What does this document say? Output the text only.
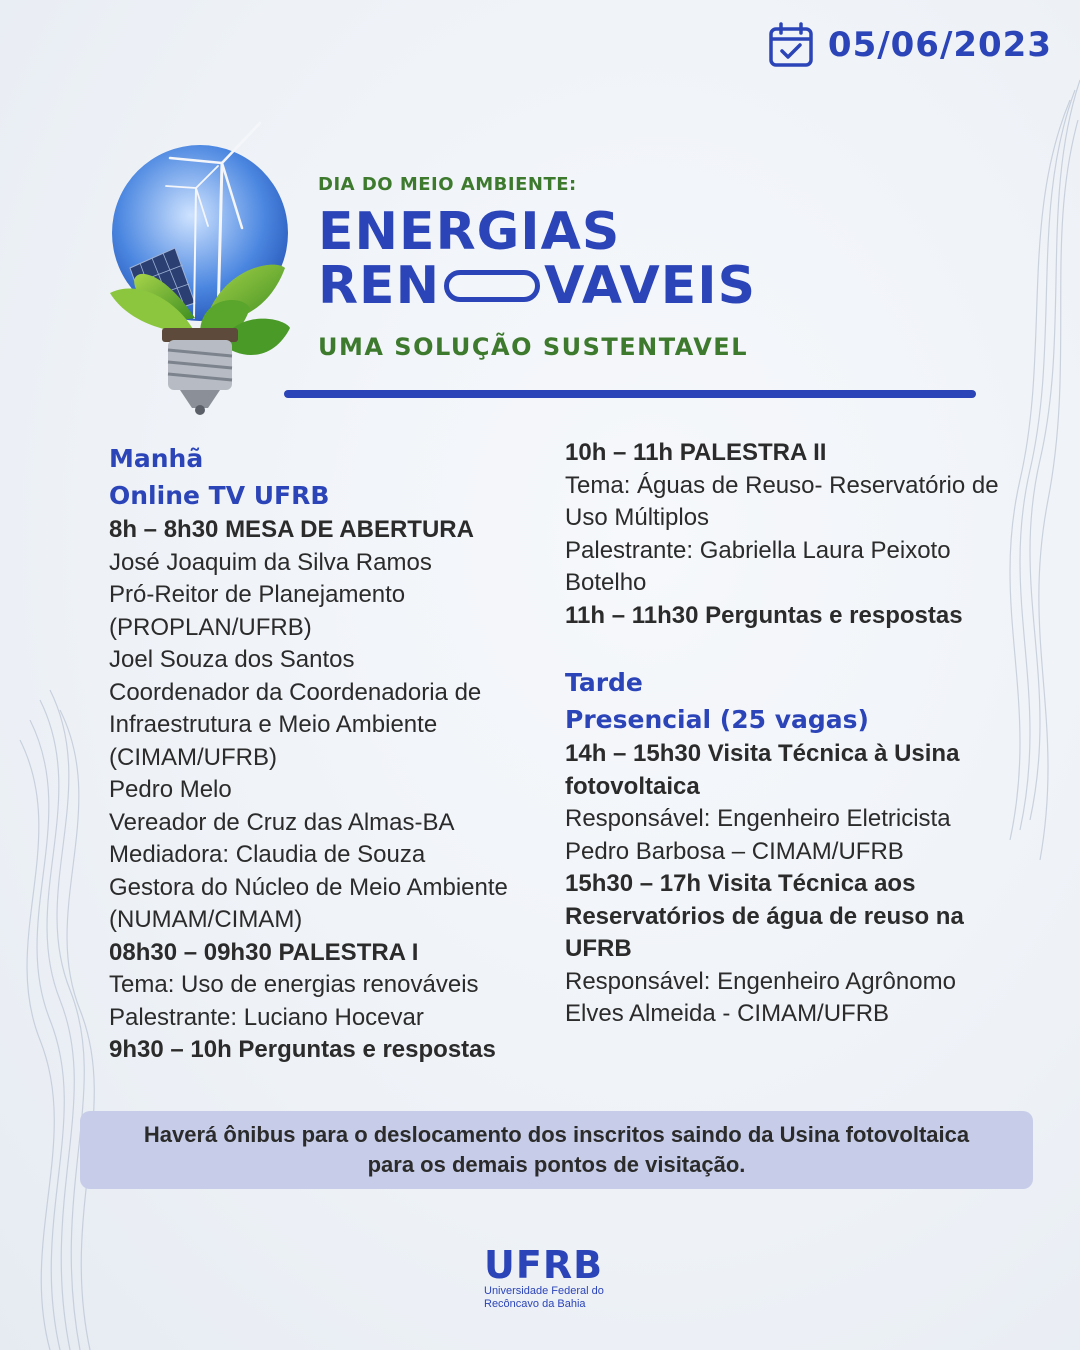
05/06/2023
DIA DO MEIO AMBIENTE:
ENERGIAS
REN VAVEIS
UMA SOLUÇÃO SUSTENTAVEL
Manhã
Online TV UFRB
8h – 8h30 MESA DE ABERTURA
José Joaquim da Silva Ramos
Pró-Reitor de Planejamento
(PROPLAN/UFRB)
Joel Souza dos Santos
Coordenador da Coordenadoria de
Infraestrutura e Meio Ambiente
(CIMAM/UFRB)
Pedro Melo
Vereador de Cruz das Almas-BA
Mediadora: Claudia de Souza
Gestora do Núcleo de Meio Ambiente
(NUMAM/CIMAM)
08h30 – 09h30 PALESTRA I
Tema: Uso de energias renováveis
Palestrante: Luciano Hocevar
9h30 – 10h Perguntas e respostas
10h – 11h PALESTRA II
Tema: Águas de Reuso- Reservatório de
Uso Múltiplos
Palestrante: Gabriella Laura Peixoto
Botelho
11h – 11h30 Perguntas e respostas
Tarde
Presencial (25 vagas)
14h – 15h30 Visita Técnica à Usina
fotovoltaica
Responsável: Engenheiro Eletricista
Pedro Barbosa – CIMAM/UFRB
15h30 – 17h Visita Técnica aos
Reservatórios de água de reuso na
UFRB
Responsável: Engenheiro Agrônomo
Elves Almeida - CIMAM/UFRB
Haverá ônibus para o deslocamento dos inscritos saindo da Usina fotovoltaica
para os demais pontos de visitação.
UFRB
Universidade Federal do
Recôncavo da Bahia
